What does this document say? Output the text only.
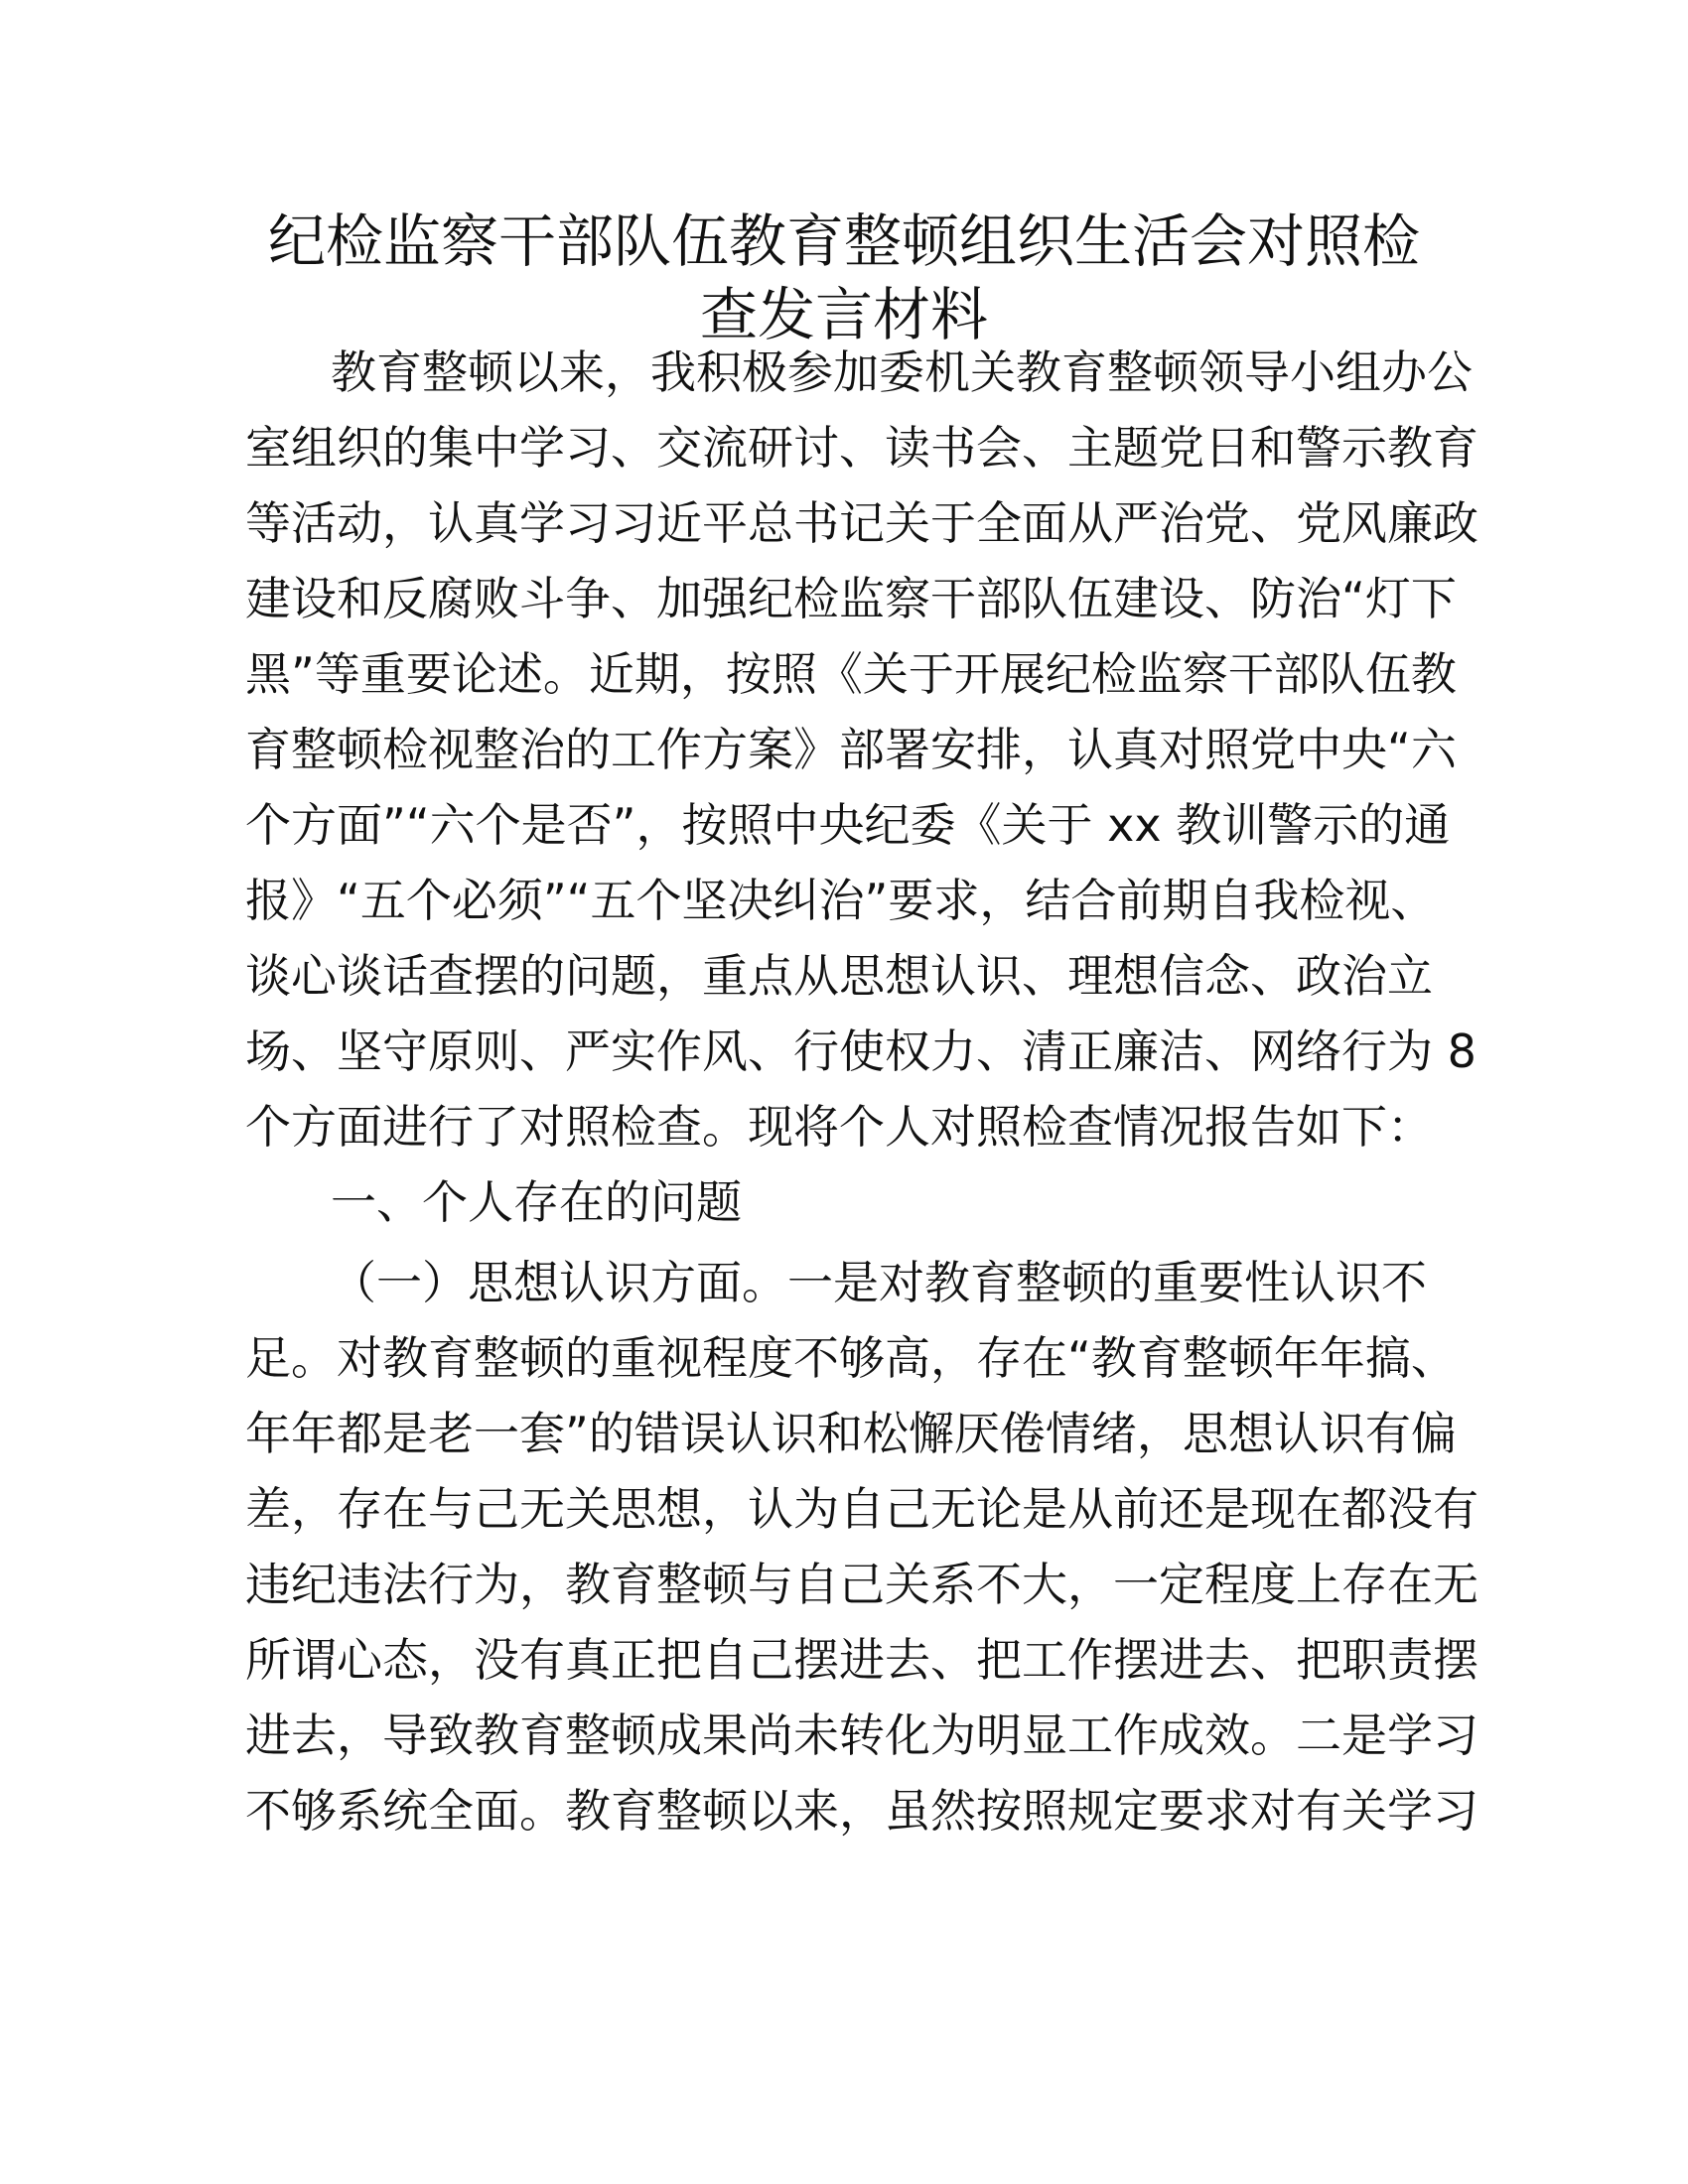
纪检监察干部队伍教育整顿组织生活会对照检
查发言材料
教育整顿以来，我积极参加委机关教育整顿领导小组办公
室组织的集中学习、交流研讨、读书会、主题党日和警示教育
等活动，认真学习习近平总书记关于全面从严治党、党风廉政
建设和反腐败斗争、加强纪检监察干部队伍建设、防治“灯下
黑”等重要论述。近期，按照《关于开展纪检监察干部队伍教
育整顿检视整治的工作方案》部署安排，认真对照党中央“六
个方面”“六个是否”，按照中央纪委《关于 xx 教训警示的通
报》“五个必须”“五个坚决纠治”要求，结合前期自我检视、
谈心谈话查摆的问题，重点从思想认识、理想信念、政治立
场、坚守原则、严实作风、行使权力、清正廉洁、网络行为 8
个方面进行了对照检查。现将个人对照检查情况报告如下：
一、个人存在的问题
（一）思想认识方面。一是对教育整顿的重要性认识不
足。对教育整顿的重视程度不够高，存在“教育整顿年年搞、
年年都是老一套”的错误认识和松懈厌倦情绪，思想认识有偏
差，存在与己无关思想，认为自己无论是从前还是现在都没有
违纪违法行为，教育整顿与自己关系不大，一定程度上存在无
所谓心态，没有真正把自己摆进去、把工作摆进去、把职责摆
进去，导致教育整顿成果尚未转化为明显工作成效。二是学习
不够系统全面。教育整顿以来，虽然按照规定要求对有关学习
